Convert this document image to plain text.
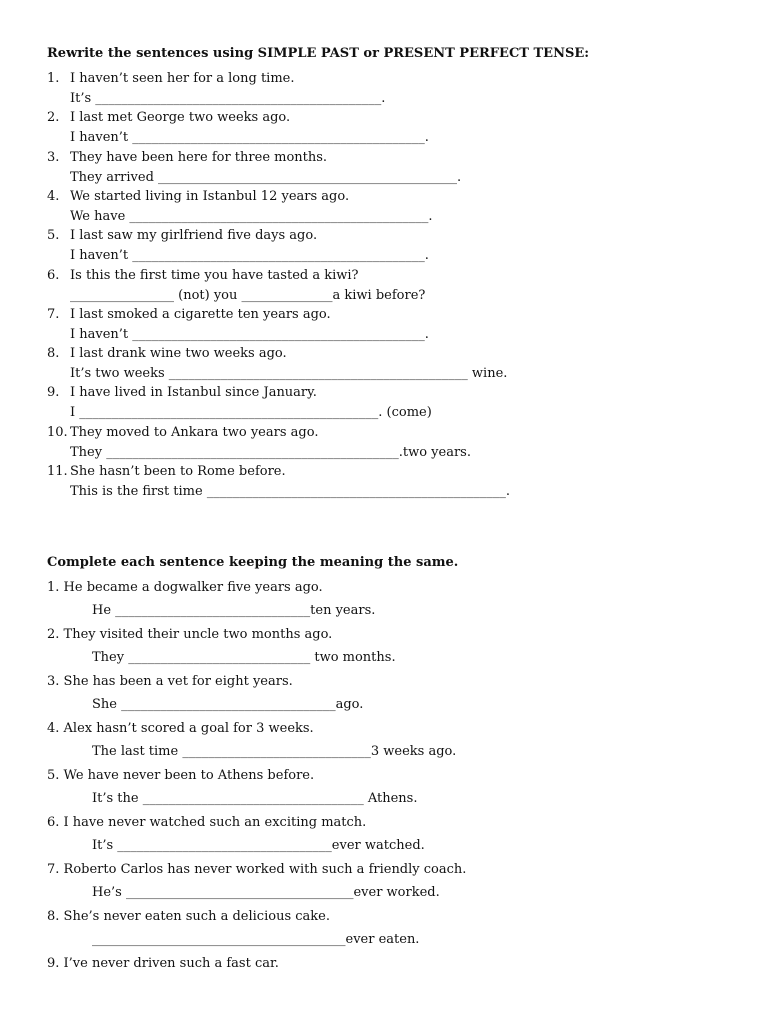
Rewrite the sentences using SIMPLE PAST or PRESENT PERFECT TENSE:
1. I haven’t seen her for a long time.
It’s ____________________________________________.
2. I last met George two weeks ago.
I haven’t _____________________________________________.
3. They have been here for three months.
They arrived ______________________________________________.
4. We started living in Istanbul 12 years ago.
We have ______________________________________________.
5. I last saw my girlfriend five days ago.
I haven’t _____________________________________________.
6. Is this the first time you have tasted a kiwi?
________________ (not) you ______________a kiwi before?
7. I last smoked a cigarette ten years ago.
I haven’t _____________________________________________.
8. I last drank wine two weeks ago.
It’s two weeks ______________________________________________ wine.
9. I have lived in Istanbul since January.
I ______________________________________________. (come)
10. They moved to Ankara two years ago.
They _____________________________________________.two years.
11. She hasn’t been to Rome before.
This is the first time ______________________________________________.
Complete each sentence keeping the meaning the same.
1. He became a dogwalker five years ago.
He ______________________________ten years.
2. They visited their uncle two months ago.
They ____________________________ two months.
3. She has been a vet for eight years.
She _________________________________ago.
4. Alex hasn’t scored a goal for 3 weeks.
The last time _____________________________3 weeks ago.
5. We have never been to Athens before.
It’s the __________________________________ Athens.
6. I have never watched such an exciting match.
It’s _________________________________ever watched.
7. Roberto Carlos has never worked with such a friendly coach.
He’s ___________________________________ever worked.
8. She’s never eaten such a delicious cake.
_______________________________________ever eaten.
9. I’ve never driven such a fast car.
